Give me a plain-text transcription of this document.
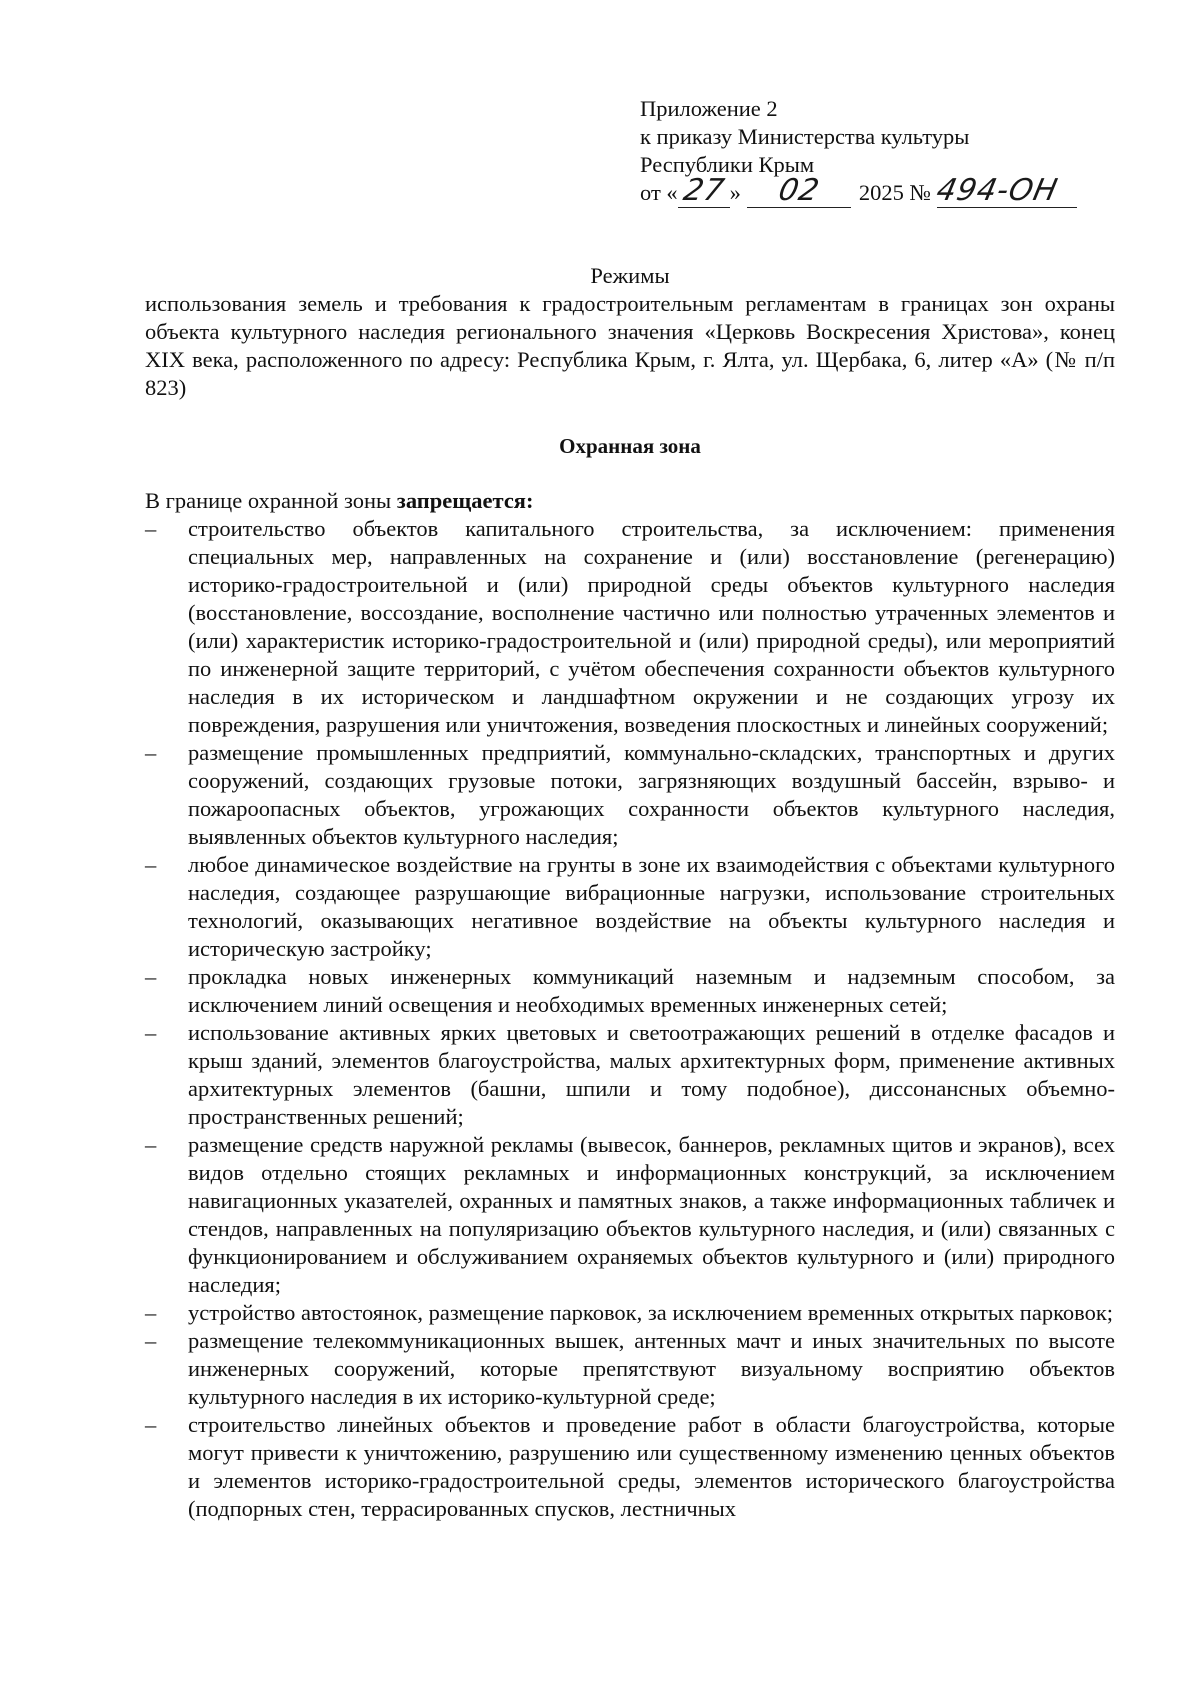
Приложение 2
к приказу Министерства культуры
Республики Крым
от «27» 02 2025 №494-ОН
Режимы
использования земель и требования к градостроительным регламентам в границах зон охраны объекта культурного наследия регионального значения «Церковь Воскресения Христова», конец XIX века, расположенного по адресу: Республика Крым, г. Ялта, ул. Щербака, 6, литер «А» (№ п/п 823)
Охранная зона

В границе охранной зоны запрещается:

– строительство объектов капитального строительства, за исключением: применения специальных мер, направленных на сохранение и (или) восстановление (регенерацию) историко-градостроительной и (или) природной среды объектов культурного наследия (восстановление, воссоздание, восполнение частично или полностью утраченных элементов и (или) характеристик историко-градостроительной и (или) природной среды), или мероприятий по инженерной защите территорий, с учётом обеспечения сохранности объектов культурного наследия в их историческом и ландшафтном окружении и не создающих угрозу их повреждения, разрушения или уничтожения, возведения плоскостных и линейных сооружений;
– размещение промышленных предприятий, коммунально-складских, транспортных и других сооружений, создающих грузовые потоки, загрязняющих воздушный бассейн, взрыво- и пожароопасных объектов, угрожающих сохранности объектов культурного наследия, выявленных объектов культурного наследия;
– любое динамическое воздействие на грунты в зоне их взаимодействия с объектами культурного наследия, создающее разрушающие вибрационные нагрузки, использование строительных технологий, оказывающих негативное воздействие на объекты культурного наследия и историческую застройку;
– прокладка новых инженерных коммуникаций наземным и надземным способом, за исключением линий освещения и необходимых временных инженерных сетей;
– использование активных ярких цветовых и светоотражающих решений в отделке фасадов и крыш зданий, элементов благоустройства, малых архитектурных форм, применение активных архитектурных элементов (башни, шпили и тому подобное), диссонансных объемно-пространственных решений;
– размещение средств наружной рекламы (вывесок, баннеров, рекламных щитов и экранов), всех видов отдельно стоящих рекламных и информационных конструкций, за исключением навигационных указателей, охранных и памятных знаков, а также информационных табличек и стендов, направленных на популяризацию объектов культурного наследия, и (или) связанных с функционированием и обслуживанием охраняемых объектов культурного и (или) природного наследия;
– устройство автостоянок, размещение парковок, за исключением временных открытых парковок;
– размещение телекоммуникационных вышек, антенных мачт и иных значительных по высоте инженерных сооружений, которые препятствуют визуальному восприятию объектов культурного наследия в их историко-культурной среде;
– строительство линейных объектов и проведение работ в области благоустройства, которые могут привести к уничтожению, разрушению или существенному изменению ценных объектов и элементов историко-градостроительной среды, элементов исторического благоустройства (подпорных стен, террасированных спусков, лестничных
